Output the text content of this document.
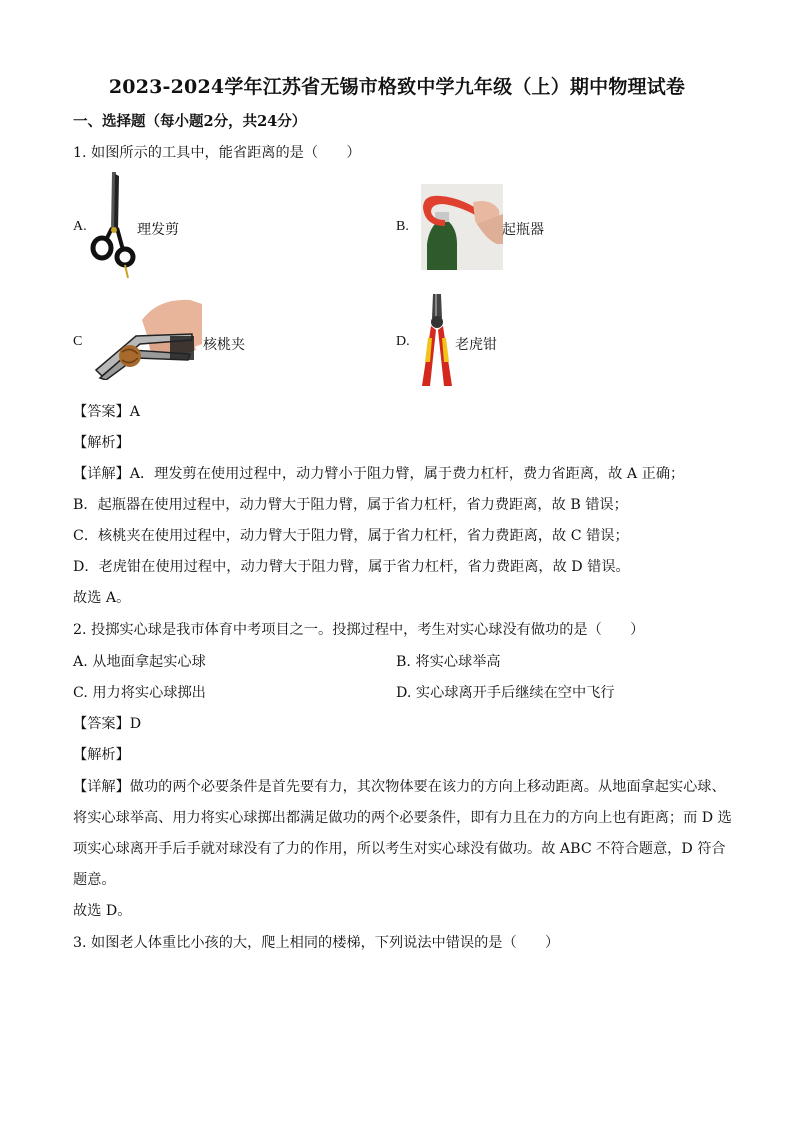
2023-2024学年江苏省无锡市格致中学九年级（上）期中物理试卷
一、选择题（每小题2分，共24分）
1. 如图所示的工具中，能省距离的是（　　）
A.	理发剪	B.	起瓶器
C	核桃夹	D.	老虎钳
【答案】A
【解析】
【详解】A．理发剪在使用过程中，动力臂小于阻力臂，属于费力杠杆，费力省距离，故 A 正确；
B．起瓶器在使用过程中，动力臂大于阻力臂，属于省力杠杆，省力费距离，故 B 错误；
C．核桃夹在使用过程中，动力臂大于阻力臂，属于省力杠杆，省力费距离，故 C 错误；
D．老虎钳在使用过程中，动力臂大于阻力臂，属于省力杠杆，省力费距离，故 D 错误。
故选 A。
2. 投掷实心球是我市体育中考项目之一。投掷过程中，考生对实心球没有做功的是（　　）
A. 从地面拿起实心球	B. 将实心球举高
C. 用力将实心球掷出	D. 实心球离开手后继续在空中飞行
【答案】D
【解析】
【详解】做功的两个必要条件是首先要有力，其次物体要在该力的方向上移动距离。从地面拿起实心球、
将实心球举高、用力将实心球掷出都满足做功的两个必要条件，即有力且在力的方向上也有距离；而 D 选
项实心球离开手后手就对球没有了力的作用，所以考生对实心球没有做功。故 ABC 不符合题意，D 符合
题意。
故选 D。
3. 如图老人体重比小孩的大，爬上相同的楼梯，下列说法中错误的是（　　）
